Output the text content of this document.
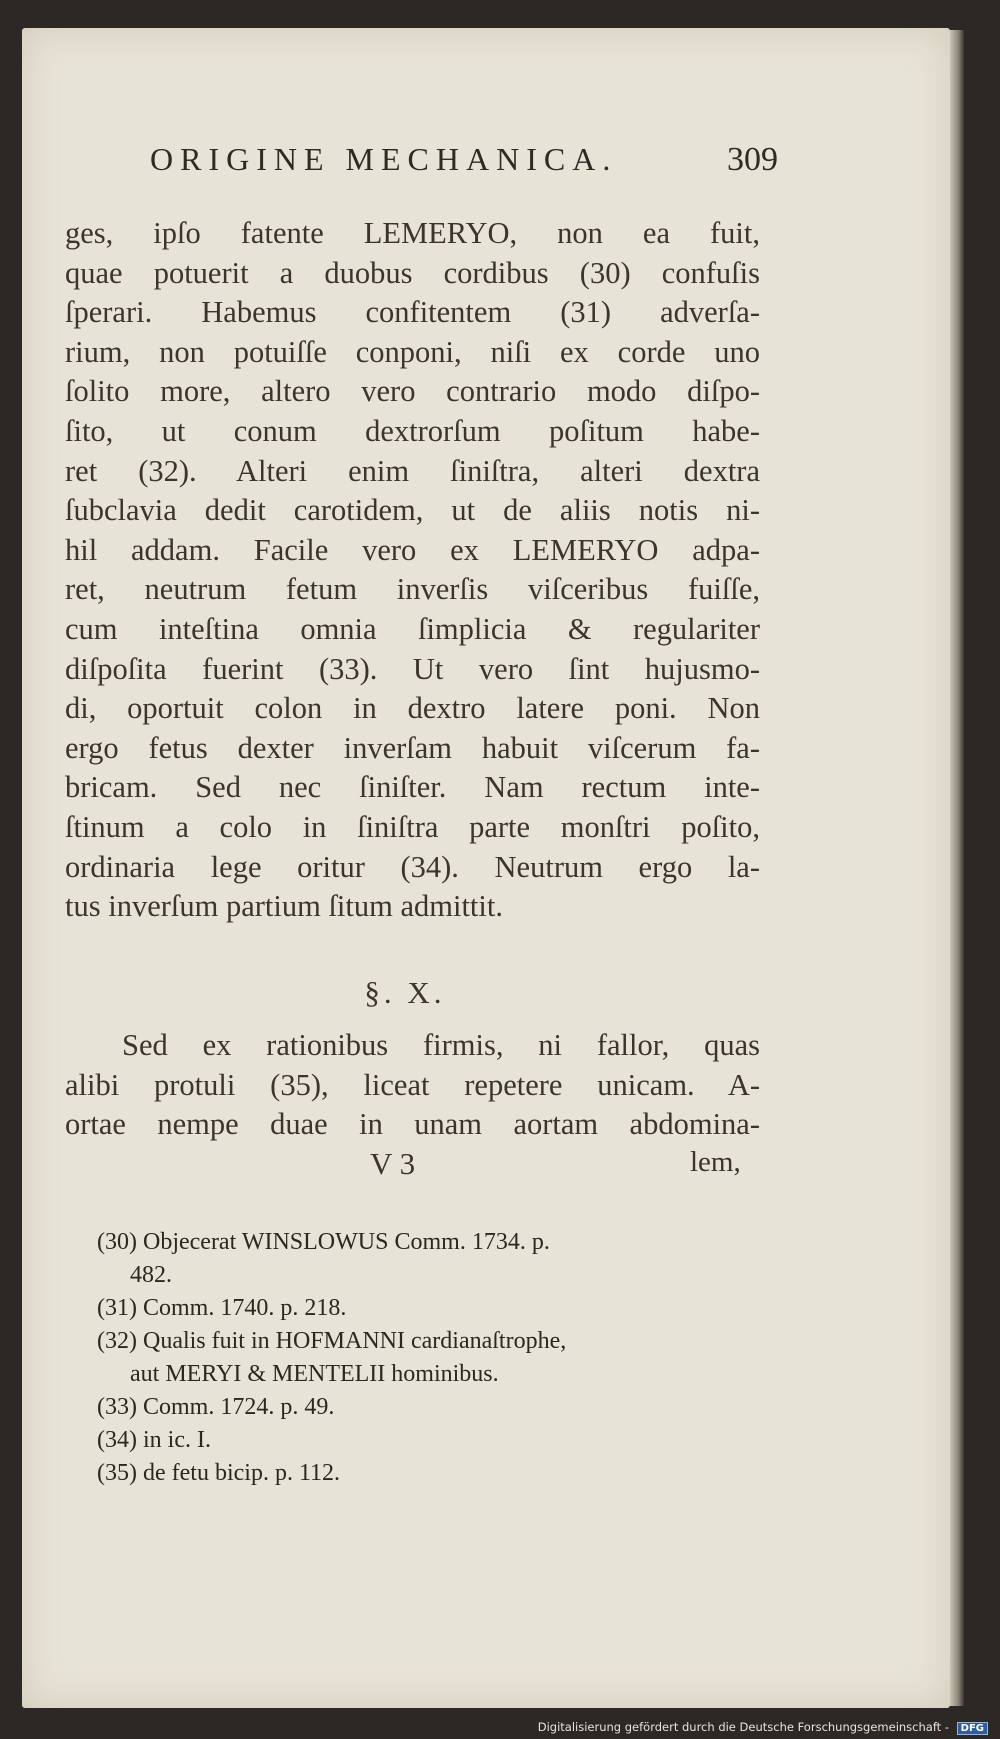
ORIGINE MECHANICA.	309
ges, ipſo fatente LEMERYO, non ea fuit,
quae potuerit a duobus cordibus (30) confuſis
ſperari. Habemus confitentem (31) adverſa-
rium, non potuiſſe conponi, niſi ex corde uno
ſolito more, altero vero contrario modo diſpo-
ſito, ut conum dextrorſum poſitum habe-
ret (32). Alteri enim ſiniſtra, alteri dextra
ſubclavia dedit carotidem, ut de aliis notis ni-
hil addam. Facile vero ex LEMERYO adpa-
ret, neutrum fetum inverſis viſceribus fuiſſe,
cum inteſtina omnia ſimplicia & regulariter
diſpoſita fuerint (33). Ut vero ſint hujusmo-
di, oportuit colon in dextro latere poni. Non
ergo fetus dexter inverſam habuit viſcerum fa-
bricam. Sed nec ſiniſter. Nam rectum inte-
ſtinum a colo in ſiniſtra parte monſtri poſito,
ordinaria lege oritur (34). Neutrum ergo la-
tus inverſum partium ſitum admittit.
§. X.
Sed ex rationibus firmis, ni fallor, quas
alibi protuli (35), liceat repetere unicam. A-
ortae nempe duae in unam aortam abdomina-
V 3	lem,
(30) Objecerat WINSLOWUS Comm. 1734. p.
482.
(31) Comm. 1740. p. 218.
(32) Qualis fuit in HOFMANNI cardianaſtrophe,
aut MERYI & MENTELII hominibus.
(33) Comm. 1724. p. 49.
(34) in ic. I.
(35) de fetu bicip. p. 112.
Digitalisierung gefördert durch die Deutsche Forschungsgemeinschaft - DFG
